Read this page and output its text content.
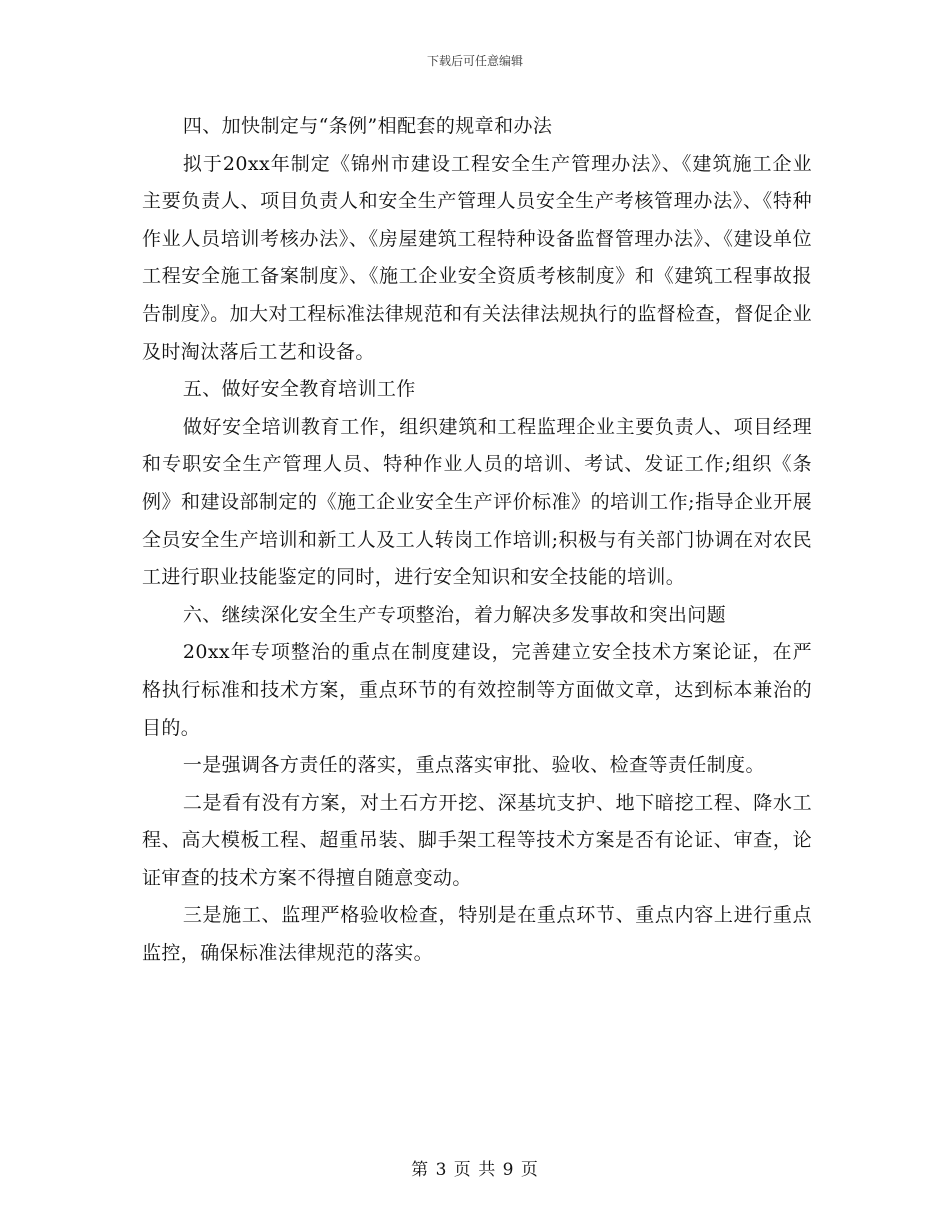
下载后可任意编辑

四、加快制定与“条例”相配套的规章和办法

拟于20xx年制定《锦州市建设工程安全生产管理办法》、《建筑施工企业主要负责人、项目负责人和安全生产管理人员安全生产考核管理办法》、《特种作业人员培训考核办法》、《房屋建筑工程特种设备监督管理办法》、《建设单位工程安全施工备案制度》、《施工企业安全资质考核制度》和《建筑工程事故报告制度》。加大对工程标准法律规范和有关法律法规执行的监督检查，督促企业及时淘汰落后工艺和设备。

五、做好安全教育培训工作

做好安全培训教育工作，组织建筑和工程监理企业主要负责人、项目经理和专职安全生产管理人员、特种作业人员的培训、考试、发证工作;组织《条例》和建设部制定的《施工企业安全生产评价标准》的培训工作;指导企业开展全员安全生产培训和新工人及工人转岗工作培训;积极与有关部门协调在对农民工进行职业技能鉴定的同时，进行安全知识和安全技能的培训。

六、继续深化安全生产专项整治，着力解决多发事故和突出问题

20xx年专项整治的重点在制度建设，完善建立安全技术方案论证，在严格执行标准和技术方案，重点环节的有效控制等方面做文章，达到标本兼治的目的。

一是强调各方责任的落实，重点落实审批、验收、检查等责任制度。

二是看有没有方案，对土石方开挖、深基坑支护、地下暗挖工程、降水工程、高大模板工程、超重吊装、脚手架工程等技术方案是否有论证、审查，论证审查的技术方案不得擅自随意变动。

三是施工、监理严格验收检查，特别是在重点环节、重点内容上进行重点监控，确保标准法律规范的落实。

第 3 页 共 9 页
